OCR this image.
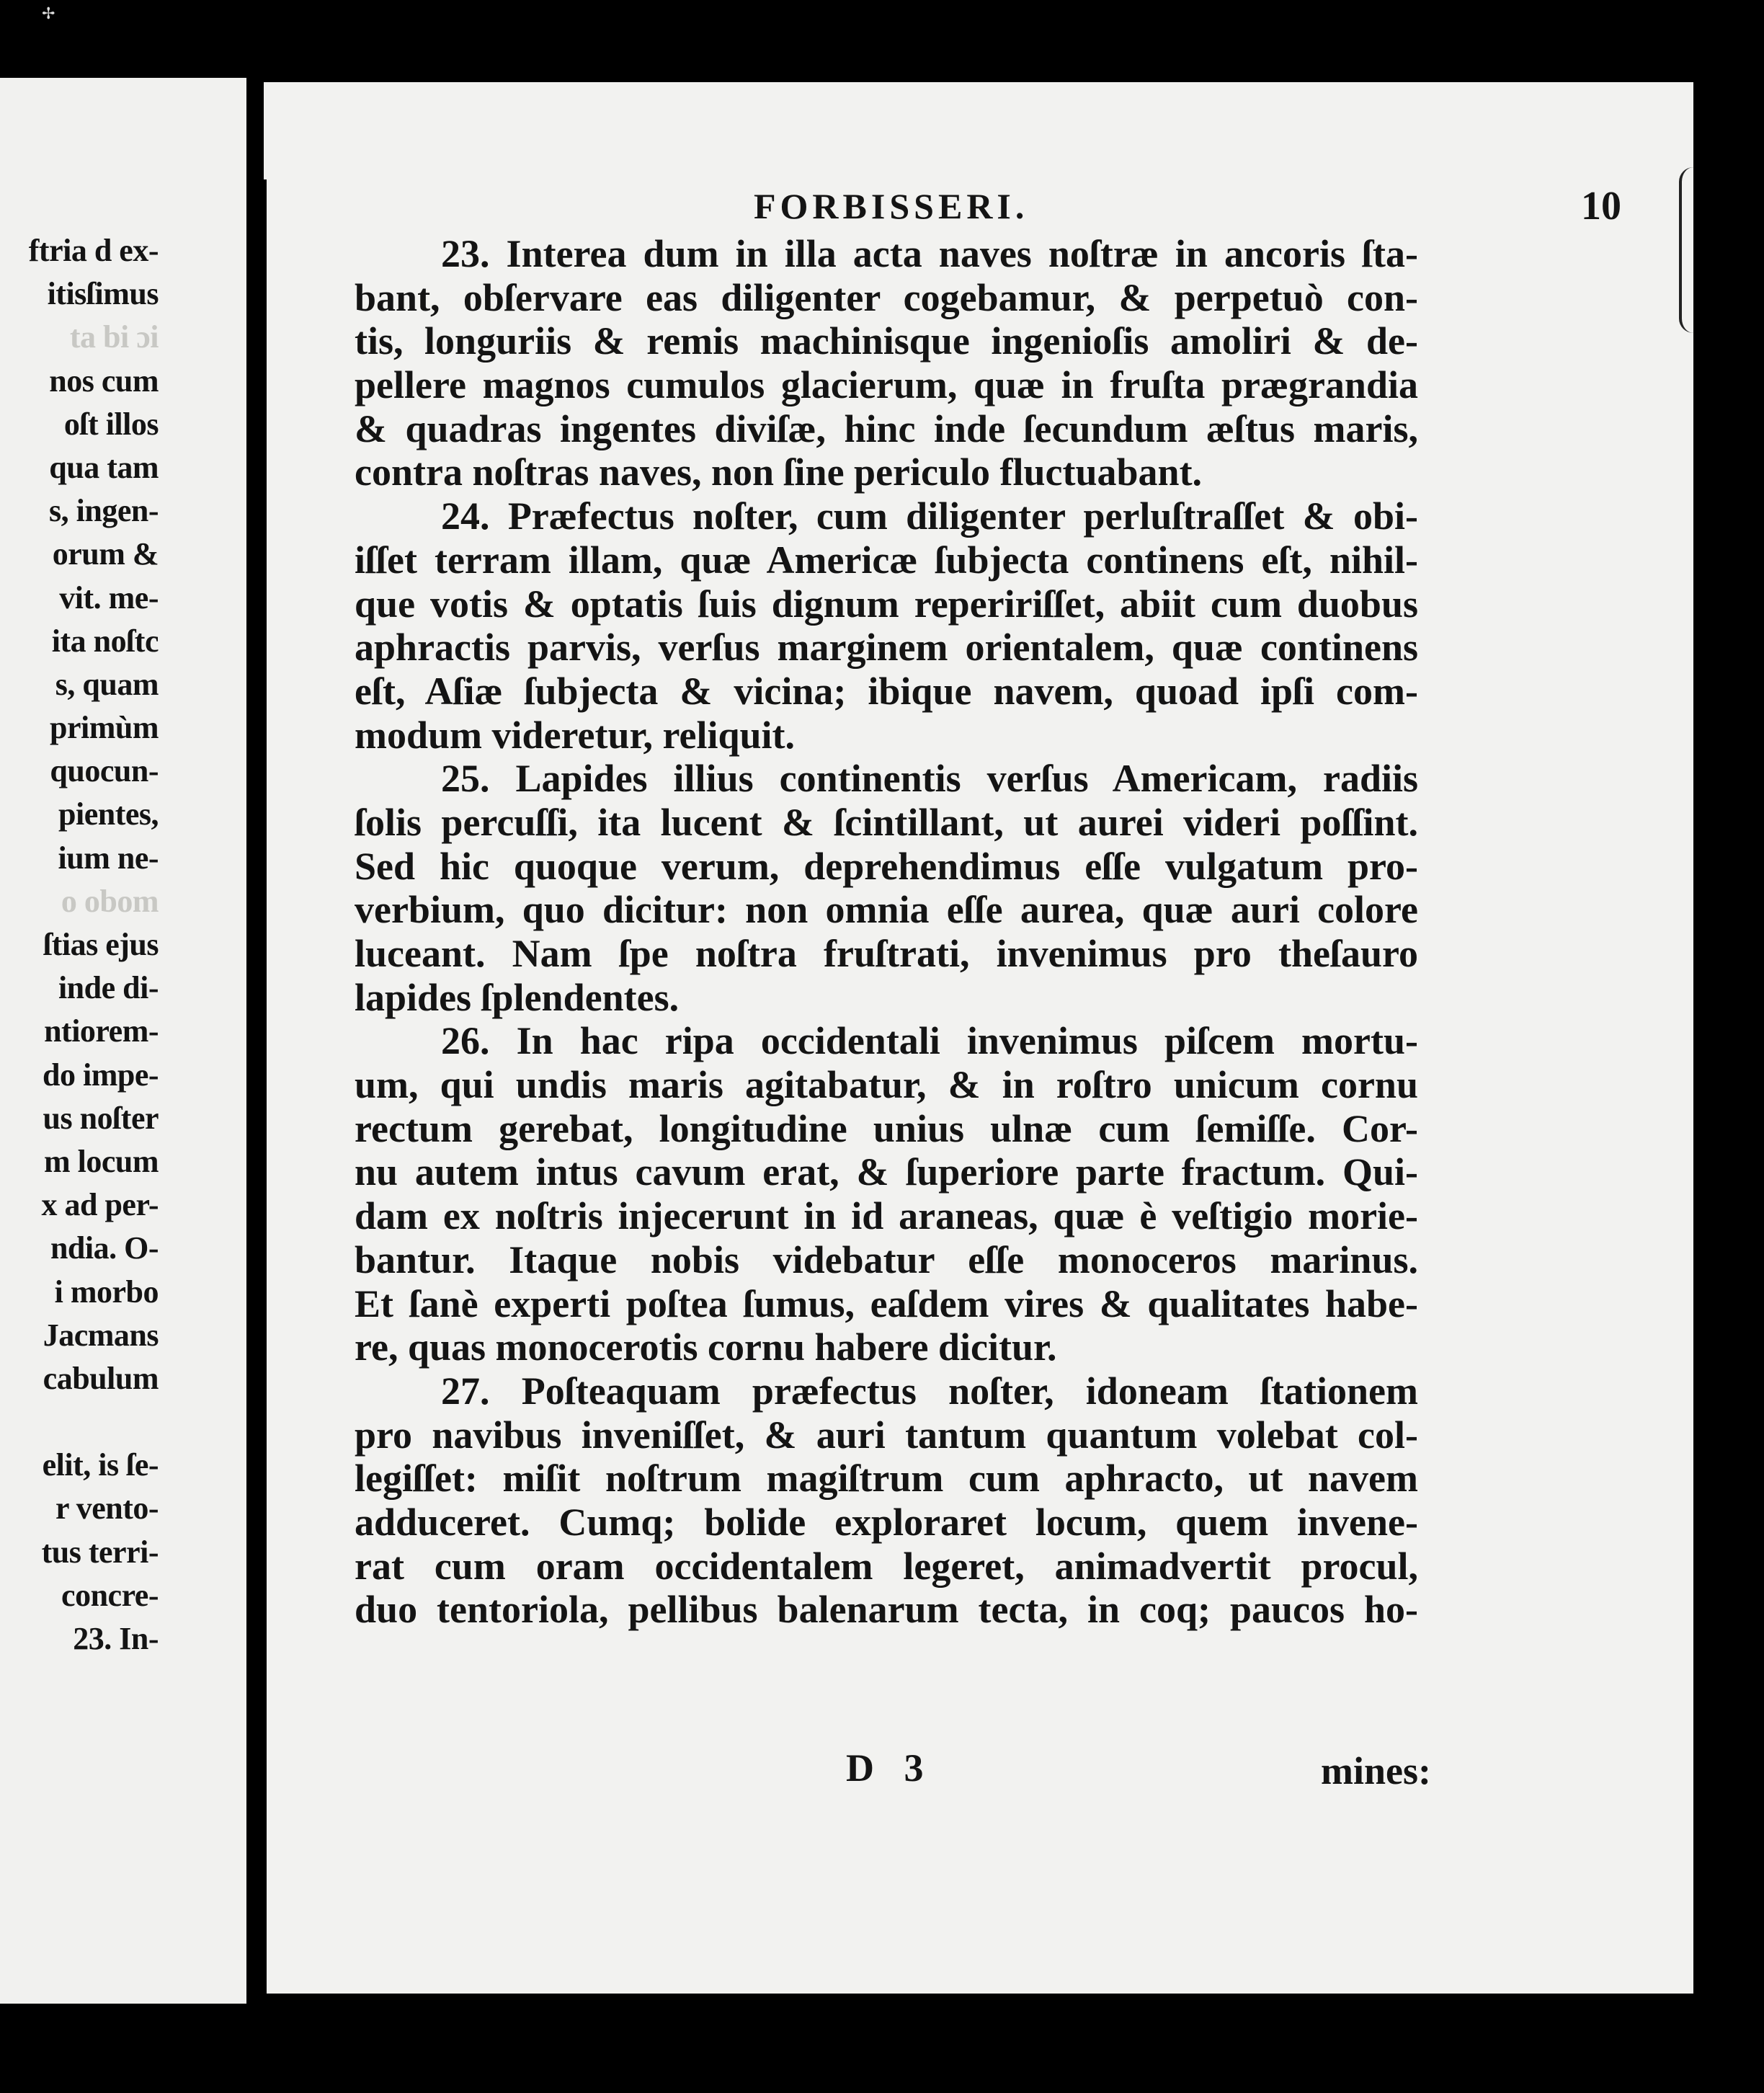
✢
ftria d ex-
itisſimus
ta bi ɔi
nos cum
oſt illos
qua tam
s, ingen-
orum &
vit. me-
ita noſtc
s, quam
primùm
quocun-
pientes,
ium ne-
o obom
ſtias ejus
inde di-
ntiorem-
do impe-
us noſter
m locum
x ad per-
ndia. O-
i morbo
Jacmans
cabulum
elit, is ſe-
r vento-
tus terri-
concre-
23. In-
FORBISSERI.	10
23. Interea dum in illa acta naves noſtræ in ancoris ſta-
bant, obſervare eas diligenter cogebamur, & perpetuò con-
tis, longuriis & remis machinisque ingenioſis amoliri & de-
pellere magnos cumulos glacierum, quæ in fruſta prægrandia
& quadras ingentes diviſæ, hinc inde ſecundum æſtus maris,
contra noſtras naves, non ſine periculo fluctuabant.
24. Præfectus noſter, cum diligenter perluſtraſſet & obi-
iſſet terram illam, quæ Americæ ſubjecta continens eſt, nihil-
que votis & optatis ſuis dignum repeririſſet, abiit cum duobus
aphractis parvis, verſus marginem orientalem, quæ continens
eſt, Aſiæ ſubjecta & vicina; ibique navem, quoad ipſi com-
modum videretur, reliquit.
25. Lapides illius continentis verſus Americam, radiis
ſolis percuſſi, ita lucent & ſcintillant, ut aurei videri poſſint.
Sed hic quoque verum, deprehendimus eſſe vulgatum pro-
verbium, quo dicitur: non omnia eſſe aurea, quæ auri colore
luceant. Nam ſpe noſtra fruſtrati, invenimus pro theſauro
lapides ſplendentes.
26. In hac ripa occidentali invenimus piſcem mortu-
um, qui undis maris agitabatur, & in roſtro unicum cornu
rectum gerebat, longitudine unius ulnæ cum ſemiſſe. Cor-
nu autem intus cavum erat, & ſuperiore parte fractum. Qui-
dam ex noſtris injecerunt in id araneas, quæ è veſtigio morie-
bantur. Itaque nobis videbatur eſſe monoceros marinus.
Et ſanè experti poſtea ſumus, eaſdem vires & qualitates habe-
re, quas monocerotis cornu habere dicitur.
27. Poſteaquam præfectus noſter, idoneam ſtationem
pro navibus inveniſſet, & auri tantum quantum volebat col-
legiſſet: miſit noſtrum magiſtrum cum aphracto, ut navem
adduceret. Cumq; bolide exploraret locum, quem invene-
rat cum oram occidentalem legeret, animadvertit procul,
duo tentoriola, pellibus balenarum tecta, in coq; paucos ho-
D 3	mines:
